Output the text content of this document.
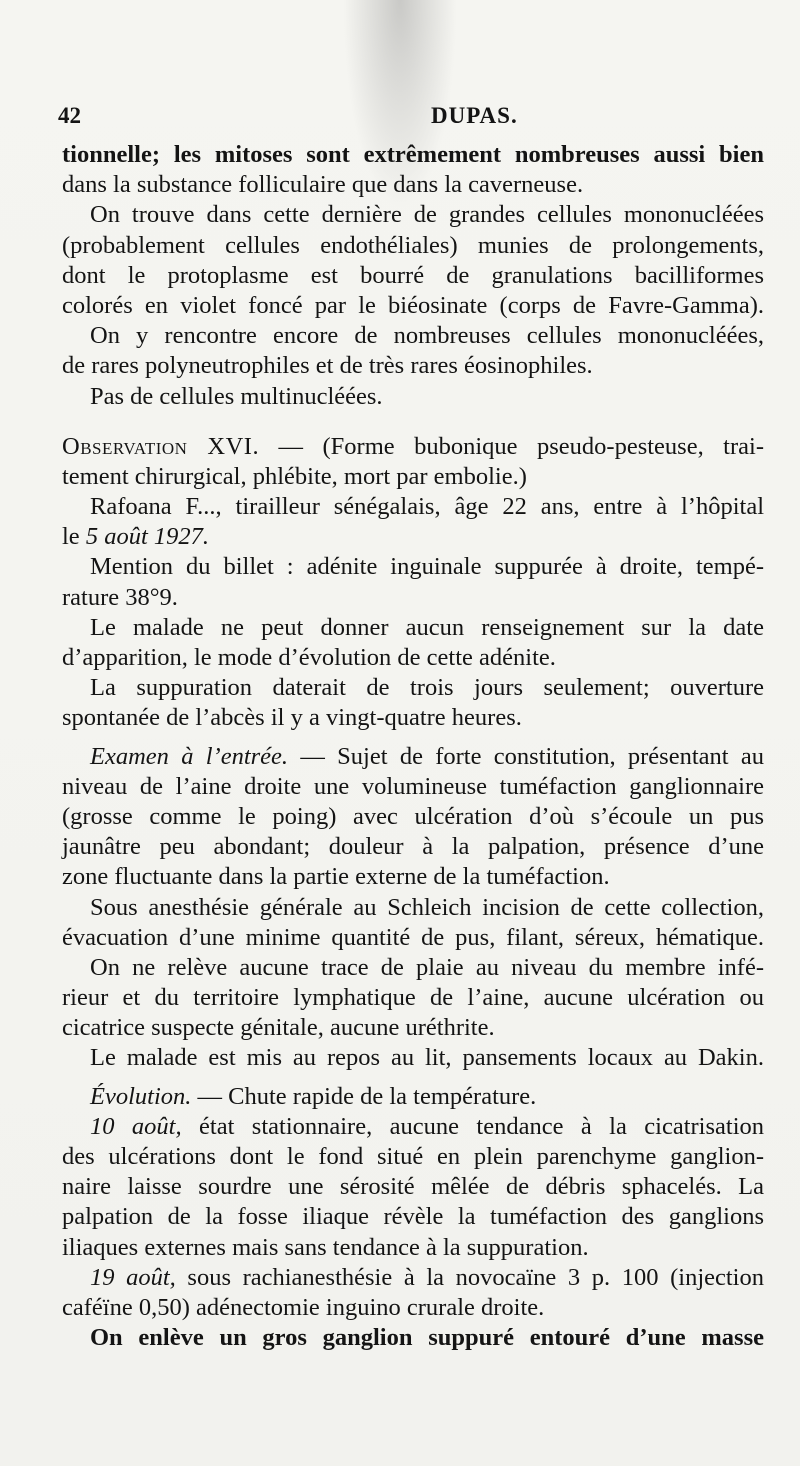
42	DUPAS.
tionnelle; les mitoses sont extrêmement nombreuses aussi bien
dans la substance folliculaire que dans la caverneuse.
On trouve dans cette dernière de grandes cellules mononucléées
(probablement cellules endothéliales) munies de prolongements,
dont le protoplasme est bourré de granulations bacilliformes
colorés en violet foncé par le biéosinate (corps de Favre-Gamma).
On y rencontre encore de nombreuses cellules mononucléées,
de rares polyneutrophiles et de très rares éosinophiles.
Pas de cellules multinucléées.
Observation XVI. — (Forme bubonique pseudo-pesteuse, trai-
tement chirurgical, phlébite, mort par embolie.)
Rafoana F..., tirailleur sénégalais, âge 22 ans, entre à l’hôpital
le 5 août 1927.
Mention du billet : adénite inguinale suppurée à droite, tempé-
rature 38°9.
Le malade ne peut donner aucun renseignement sur la date
d’apparition, le mode d’évolution de cette adénite.
La suppuration daterait de trois jours seulement; ouverture
spontanée de l’abcès il y a vingt-quatre heures.
Examen à l’entrée. — Sujet de forte constitution, présentant au
niveau de l’aine droite une volumineuse tuméfaction ganglionnaire
(grosse comme le poing) avec ulcération d’où s’écoule un pus
jaunâtre peu abondant; douleur à la palpation, présence d’une
zone fluctuante dans la partie externe de la tuméfaction.
Sous anesthésie générale au Schleich incision de cette collection,
évacuation d’une minime quantité de pus, filant, séreux, hématique.
On ne relève aucune trace de plaie au niveau du membre infé-
rieur et du territoire lymphatique de l’aine, aucune ulcération ou
cicatrice suspecte génitale, aucune uréthrite.
Le malade est mis au repos au lit, pansements locaux au Dakin.
Évolution. — Chute rapide de la température.
10 août, état stationnaire, aucune tendance à la cicatrisation
des ulcérations dont le fond situé en plein parenchyme ganglion-
naire laisse sourdre une sérosité mêlée de débris sphacelés. La
palpation de la fosse iliaque révèle la tuméfaction des ganglions
iliaques externes mais sans tendance à la suppuration.
19 août, sous rachianesthésie à la novocaïne 3 p. 100 (injection
caféïne 0,50) adénectomie inguino crurale droite.
On enlève un gros ganglion suppuré entouré d’une masse
